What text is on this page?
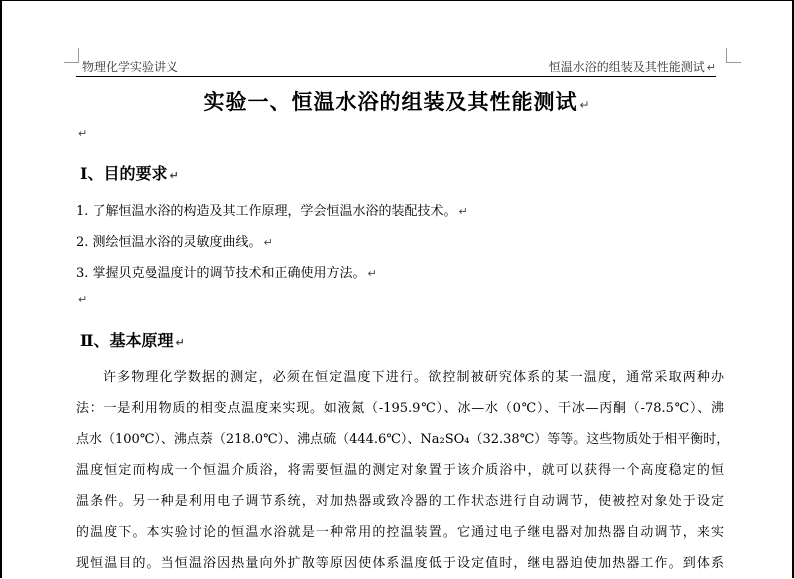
物理化学实验讲义	恒温水浴的组装及其性能测试 ↵
实验一、恒温水浴的组装及其性能测试 ↵
↵
Ⅰ、目的要求 ↵
1. 了解恒温水浴的构造及其工作原理，学会恒温水浴的装配技术。 ↵
2. 测绘恒温水浴的灵敏度曲线。 ↵
3. 掌握贝克曼温度计的调节技术和正确使用方法。 ↵
↵
Ⅱ、基本原理 ↵
许多物理化学数据的测定，必须在恒定温度下进行。欲控制被研究体系的某一温度，通常采取两种办
法：一是利用物质的相变点温度来实现。如液氮（-195.9℃）、冰—水（0℃）、干冰—丙酮（-78.5℃）、沸
点水（100℃）、沸点萘（218.0℃）、沸点硫（444.6℃）、Na₂SO₄（32.38℃）等等。这些物质处于相平衡时，
温度恒定而构成一个恒温介质浴，将需要恒温的测定对象置于该介质浴中，就可以获得一个高度稳定的恒
温条件。另一种是利用电子调节系统，对加热器或致冷器的工作状态进行自动调节，使被控对象处于设定
的温度下。本实验讨论的恒温水浴就是一种常用的控温装置。它通过电子继电器对加热器自动调节，来实
现恒温目的。当恒温浴因热量向外扩散等原因使体系温度低于设定值时，继电器迫使加热器工作。到体系
